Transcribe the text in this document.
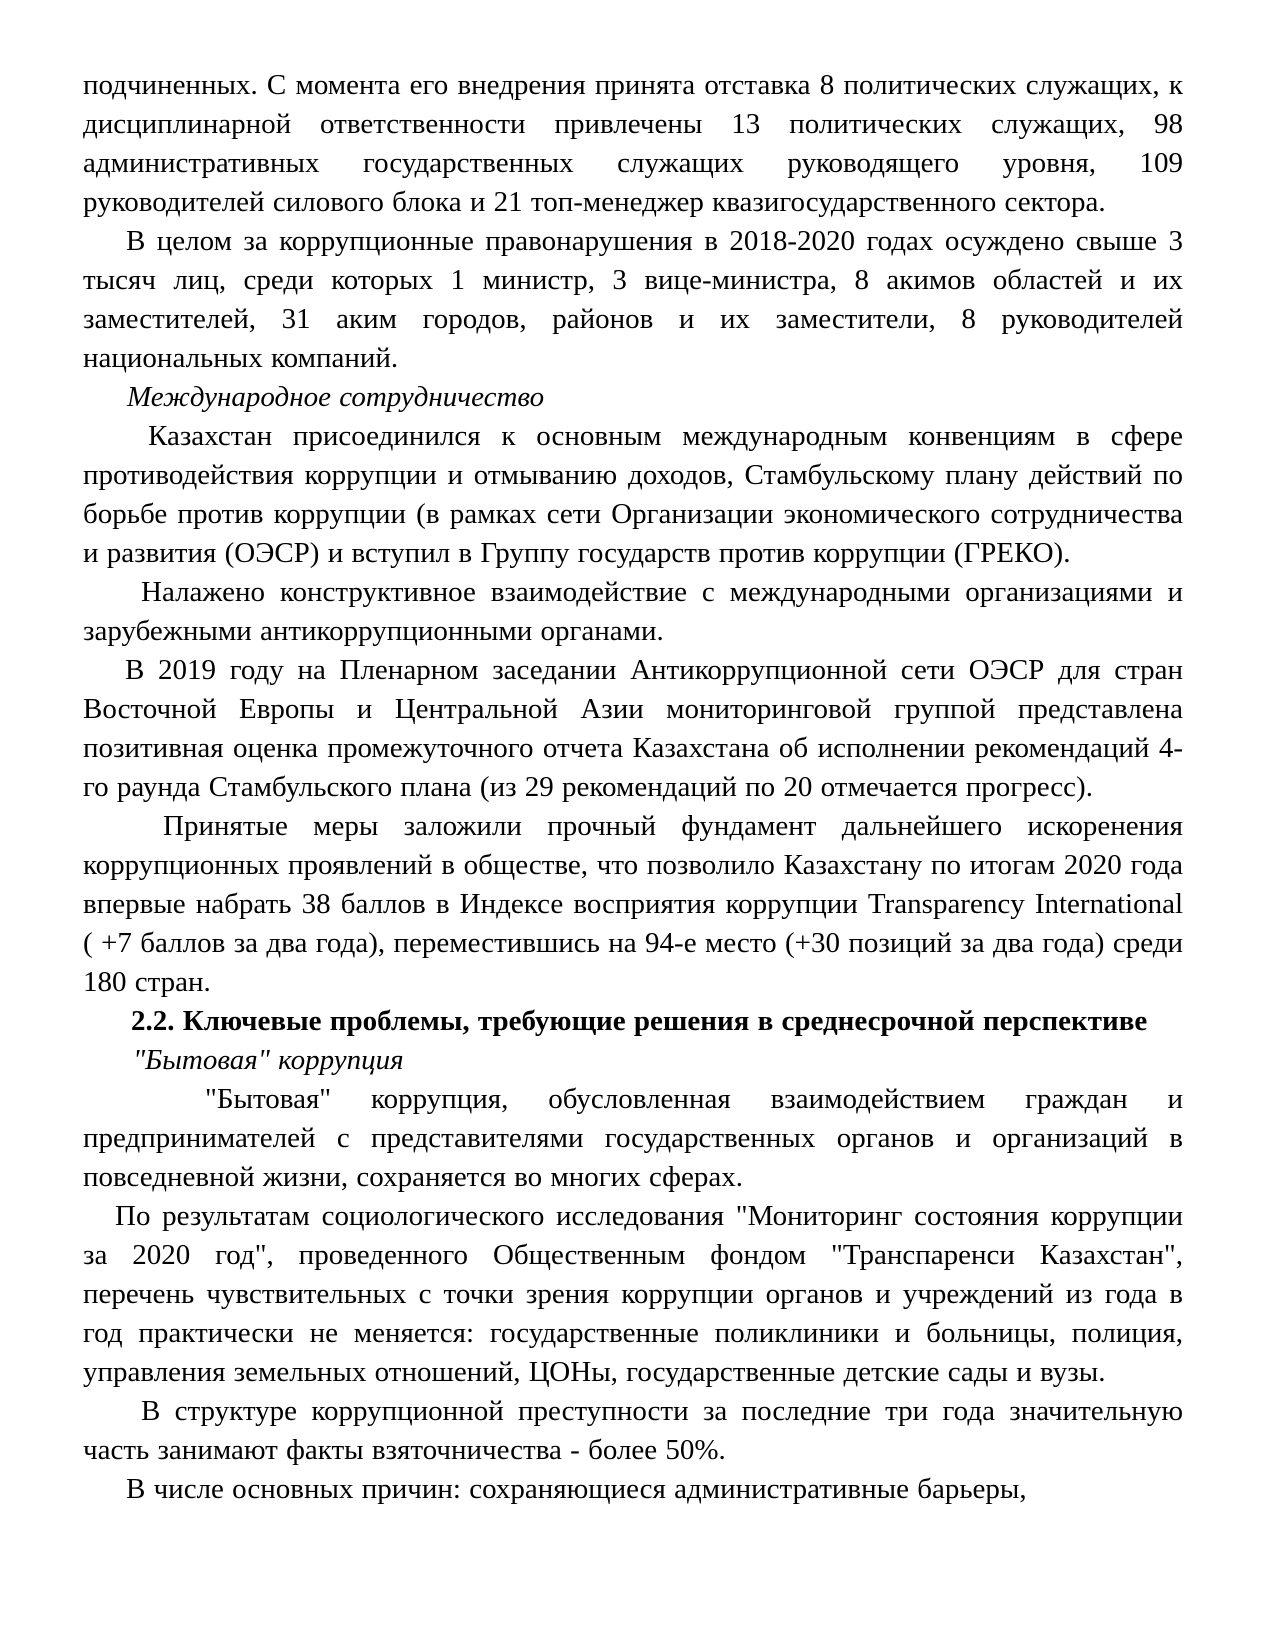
подчиненных. С момента его внедрения принята отставка 8 политических служащих, к дисциплинарной ответственности привлечены 13 политических служащих, 98 административных государственных служащих руководящего уровня, 109 руководителей силового блока и 21 топ-менеджер квазигосударственного сектора.

В целом за коррупционные правонарушения в 2018-2020 годах осуждено свыше 3 тысяч лиц, среди которых 1 министр, 3 вице-министра, 8 акимов областей и их заместителей, 31 аким городов, районов и их заместители, 8 руководителей национальных компаний.

Международное сотрудничество

Казахстан присоединился к основным международным конвенциям в сфере противодействия коррупции и отмыванию доходов, Стамбульскому плану действий по борьбе против коррупции (в рамках сети Организации экономического сотрудничества и развития (ОЭСР) и вступил в Группу государств против коррупции (ГРЕКО).

Налажено конструктивное взаимодействие с международными организациями и зарубежными антикоррупционными органами.

В 2019 году на Пленарном заседании Антикоррупционной сети ОЭСР для стран Восточной Европы и Центральной Азии мониторинговой группой представлена позитивная оценка промежуточного отчета Казахстана об исполнении рекомендаций 4-го раунда Стамбульского плана (из 29 рекомендаций по 20 отмечается прогресс).

Принятые меры заложили прочный фундамент дальнейшего искоренения коррупционных проявлений в обществе, что позволило Казахстану по итогам 2020 года впервые набрать 38 баллов в Индексе восприятия коррупции Transparency International ( +7 баллов за два года), переместившись на 94-е место (+30 позиций за два года) среди 180 стран.

2.2. Ключевые проблемы, требующие решения в среднесрочной перспективе

"Бытовая" коррупция

"Бытовая" коррупция, обусловленная взаимодействием граждан и предпринимателей с представителями государственных органов и организаций в повседневной жизни, сохраняется во многих сферах.

По результатам социологического исследования "Мониторинг состояния коррупции за 2020 год", проведенного Общественным фондом "Транспаренси Казахстан", перечень чувствительных с точки зрения коррупции органов и учреждений из года в год практически не меняется: государственные поликлиники и больницы, полиция, управления земельных отношений, ЦОНы, государственные детские сады и вузы.

В структуре коррупционной преступности за последние три года значительную часть занимают факты взяточничества - более 50%.

В числе основных причин: сохраняющиеся административные барьеры,
